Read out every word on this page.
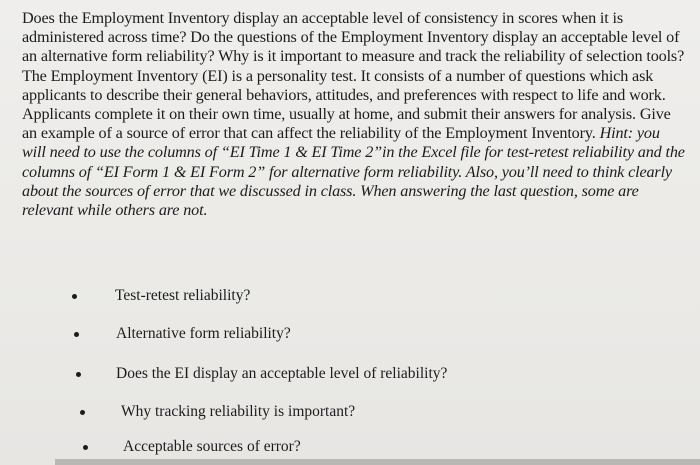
Does the Employment Inventory display an acceptable level of consistency in scores when it is administered across time? Do the questions of the Employment Inventory display an acceptable level of an alternative form reliability? Why is it important to measure and track the reliability of selection tools? The Employment Inventory (EI) is a personality test. It consists of a number of questions which ask applicants to describe their general behaviors, attitudes, and preferences with respect to life and work. Applicants complete it on their own time, usually at home, and submit their answers for analysis. Give an example of a source of error that can affect the reliability of the Employment Inventory. Hint: you will need to use the columns of “EI Time 1 & EI Time 2”in the Excel file for test-retest reliability and the columns of “EI Form 1 & EI Form 2” for alternative form reliability. Also, you’ll need to think clearly about the sources of error that we discussed in class. When answering the last question, some are relevant while others are not.

Test-retest reliability?
Alternative form reliability?
Does the EI display an acceptable level of reliability?
Why tracking reliability is important?
Acceptable sources of error?
